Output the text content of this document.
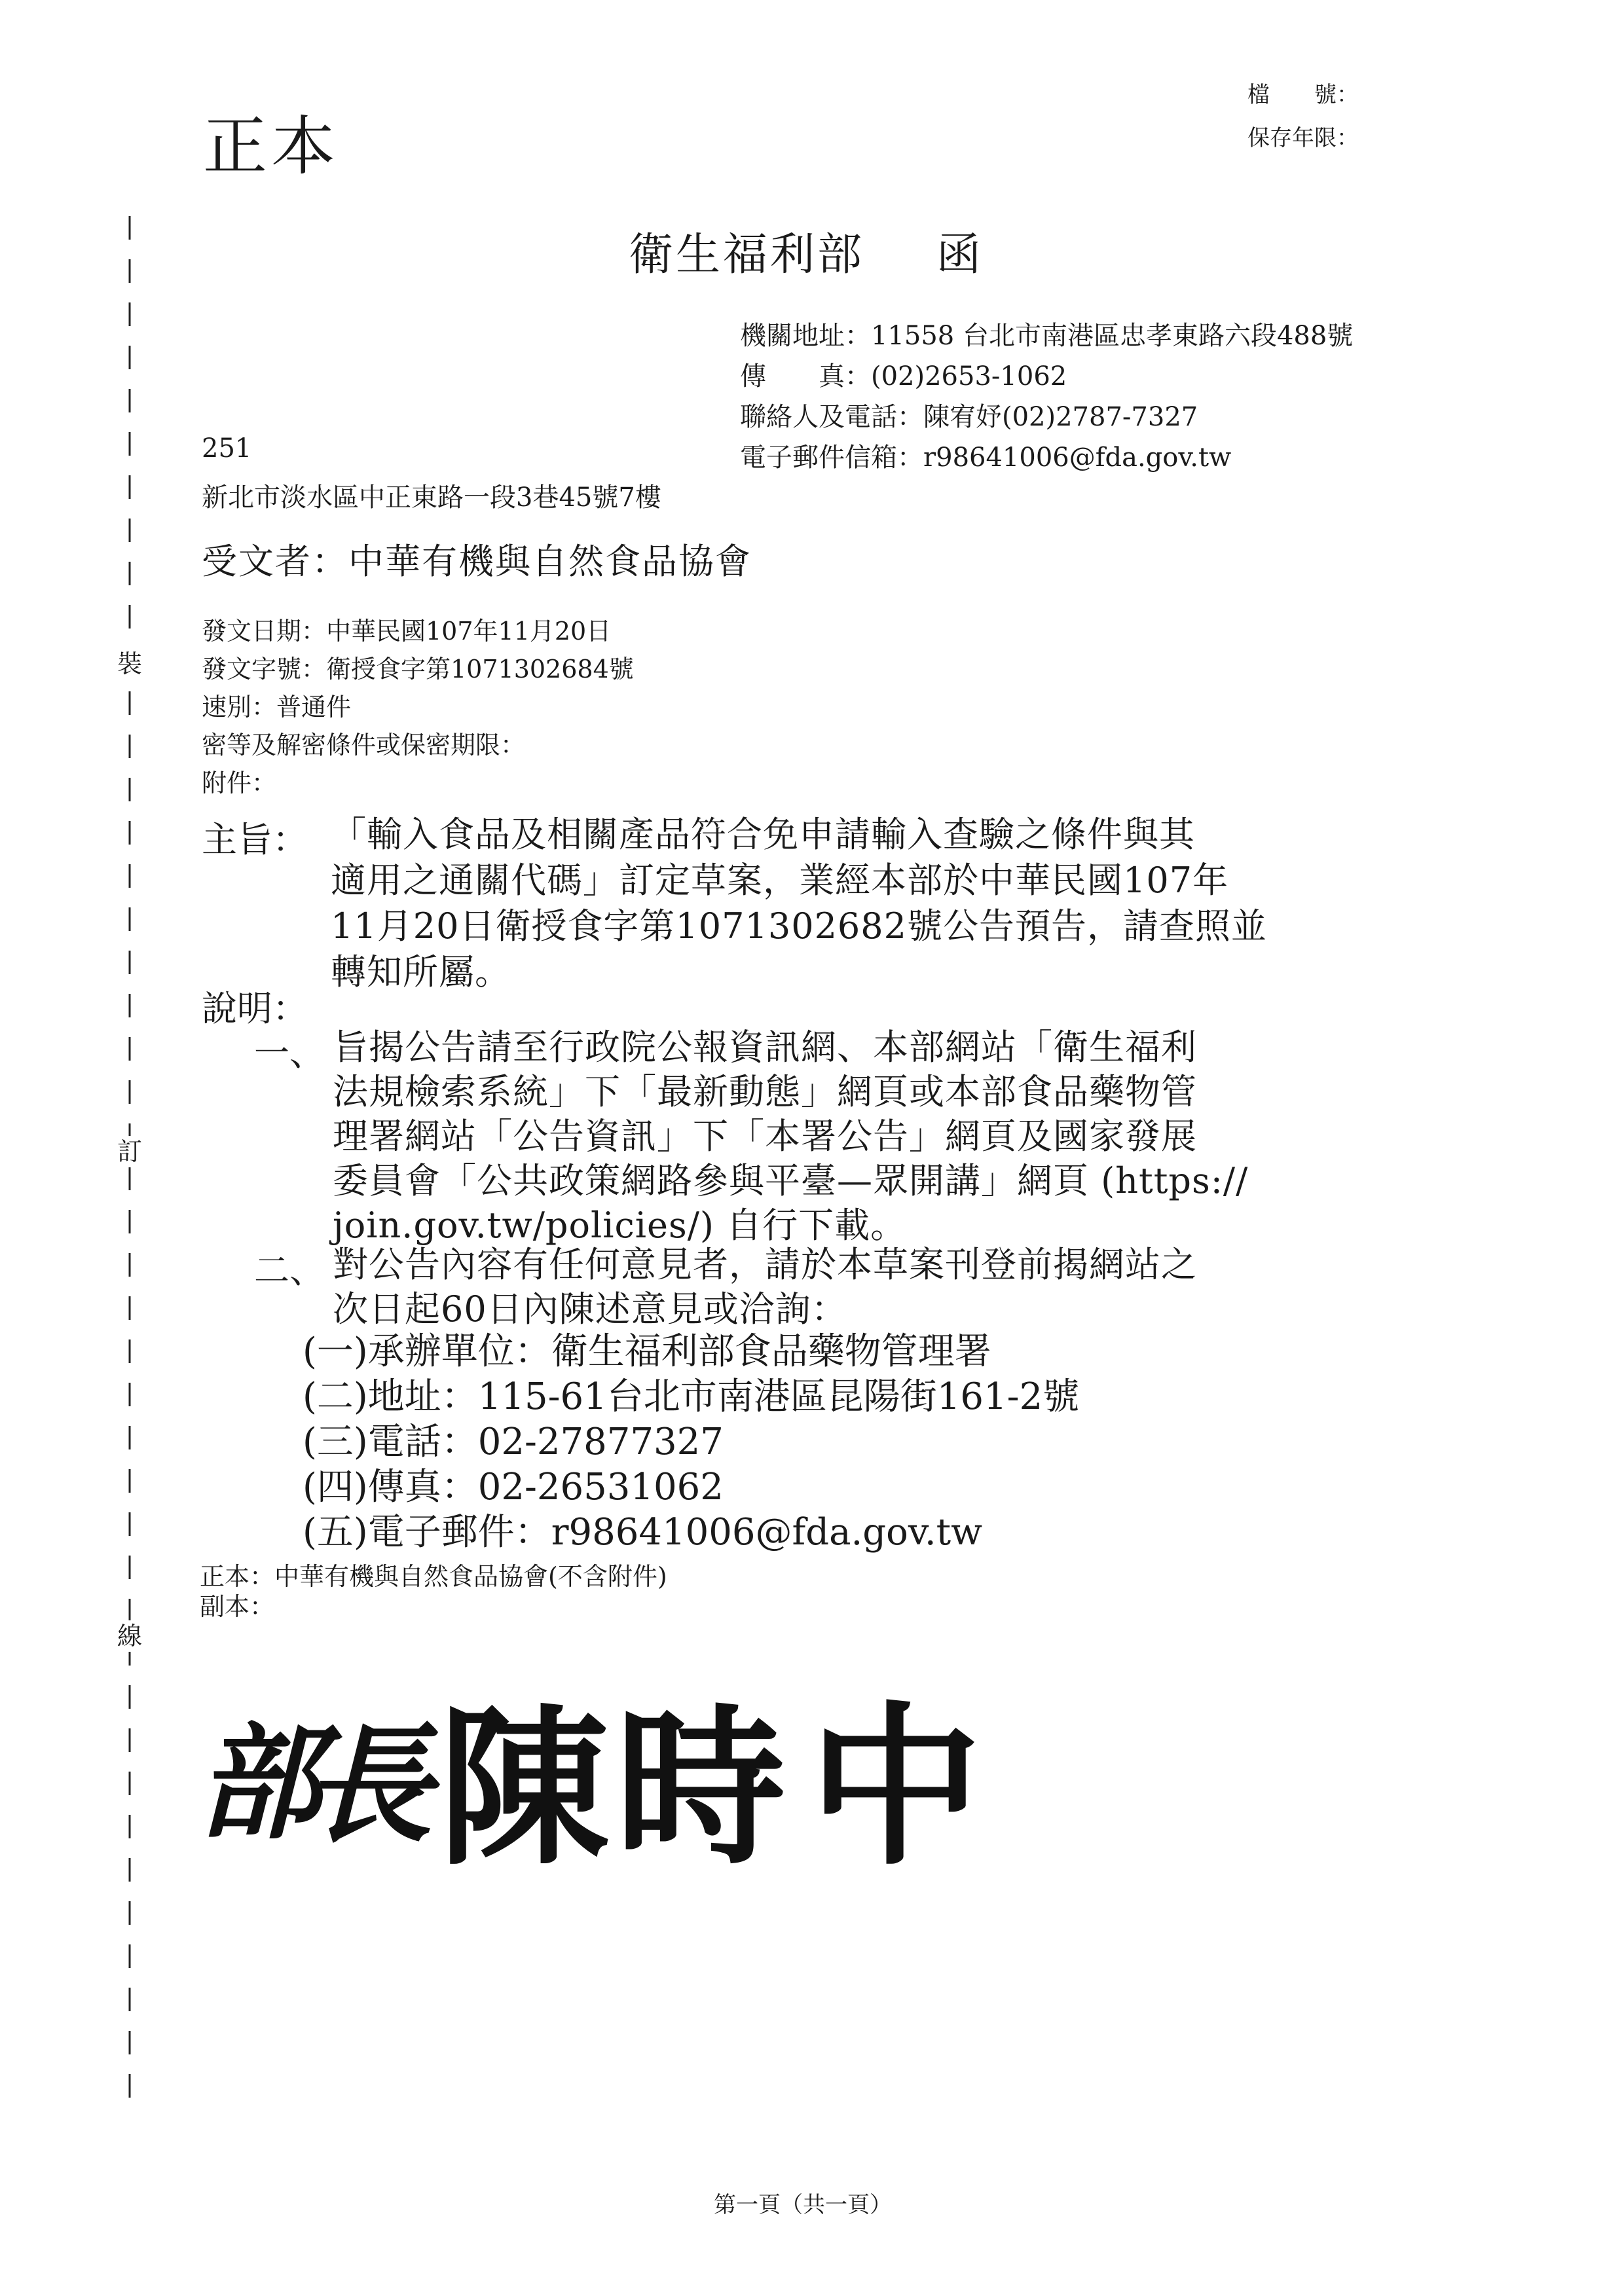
裝
訂
線
正本
檔　　號：
保存年限：
衛生福利部 函
機關地址：11558 台北市南港區忠孝東路六段488號
傳　　真：(02)2653-1062
聯絡人及電話：陳宥妤(02)2787-7327
電子郵件信箱：r98641006@fda.gov.tw
251
新北市淡水區中正東路一段3巷45號7樓
受文者：中華有機與自然食品協會
發文日期：中華民國107年11月20日
發文字號：衛授食字第1071302684號
速別：普通件
密等及解密條件或保密期限：
附件：
主旨： 「輸入食品及相關產品符合免申請輸入查驗之條件與其
適用之通關代碼」訂定草案，業經本部於中華民國107年
11月20日衛授食字第1071302682號公告預告，請查照並
轉知所屬。
說明：
一、 旨揭公告請至行政院公報資訊網、本部網站「衛生福利
法規檢索系統」下「最新動態」網頁或本部食品藥物管
理署網站「公告資訊」下「本署公告」網頁及國家發展
委員會「公共政策網路參與平臺—眾開講」網頁 (https://
join.gov.tw/policies/) 自行下載。
二、 對公告內容有任何意見者，請於本草案刊登前揭網站之
次日起60日內陳述意見或洽詢：
(一)承辦單位：衛生福利部食品藥物管理署
(二)地址：115-61台北市南港區昆陽街161-2號
(三)電話：02-27877327
(四)傳真：02-26531062
(五)電子郵件：r98641006@fda.gov.tw
正本：中華有機與自然食品協會(不含附件)
副本：
部
長 陳 時 中
第一頁（共一頁）
